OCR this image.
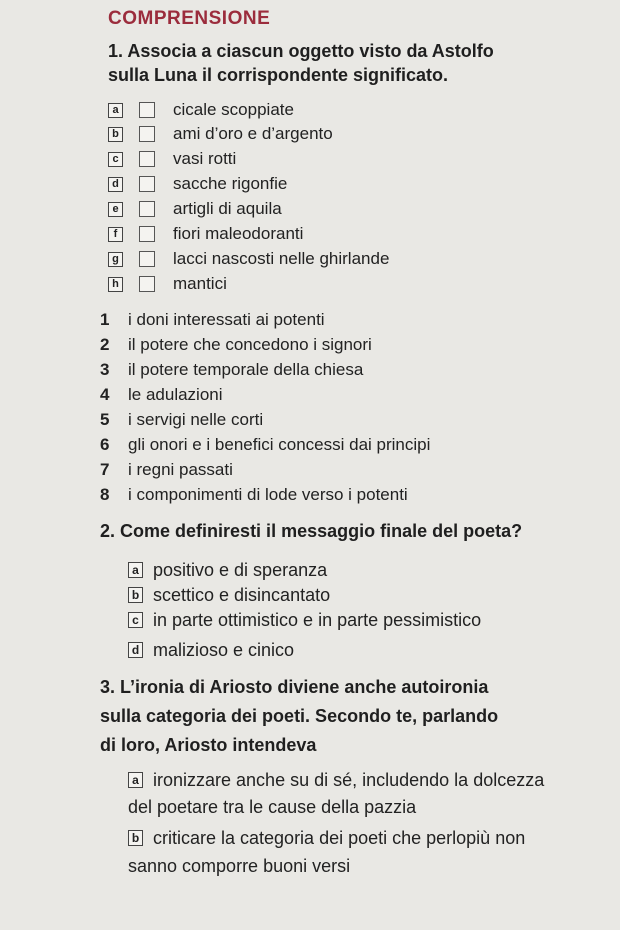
COMPRENSIONE
1. Associa a ciascun oggetto visto da Astolfo
sulla Luna il corrispondente significato.
a	cicale scoppiate
b	ami d’oro e d’argento
c	vasi rotti
d	sacche rigonfie
e	artigli di aquila
f	fiori maleodoranti
g	lacci nascosti nelle ghirlande
h	mantici
1	i doni interessati ai potenti
2	il potere che concedono i signori
3	il potere temporale della chiesa
4	le adulazioni
5	i servigi nelle corti
6	gli onori e i benefici concessi dai principi
7	i regni passati
8	i componimenti di lode verso i potenti
2. Come definiresti il messaggio finale del poeta?
a positivo e di speranza
b scettico e disincantato
c in parte ottimistico e in parte pessimistico
d malizioso e cinico
3. L’ironia di Ariosto diviene anche autoironia
sulla categoria dei poeti. Secondo te, parlando
di loro, Ariosto intendeva
a ironizzare anche su di sé, includendo la dolcezza
del poetare tra le cause della pazzia
b criticare la categoria dei poeti che perlopiù non
sanno comporre buoni versi
